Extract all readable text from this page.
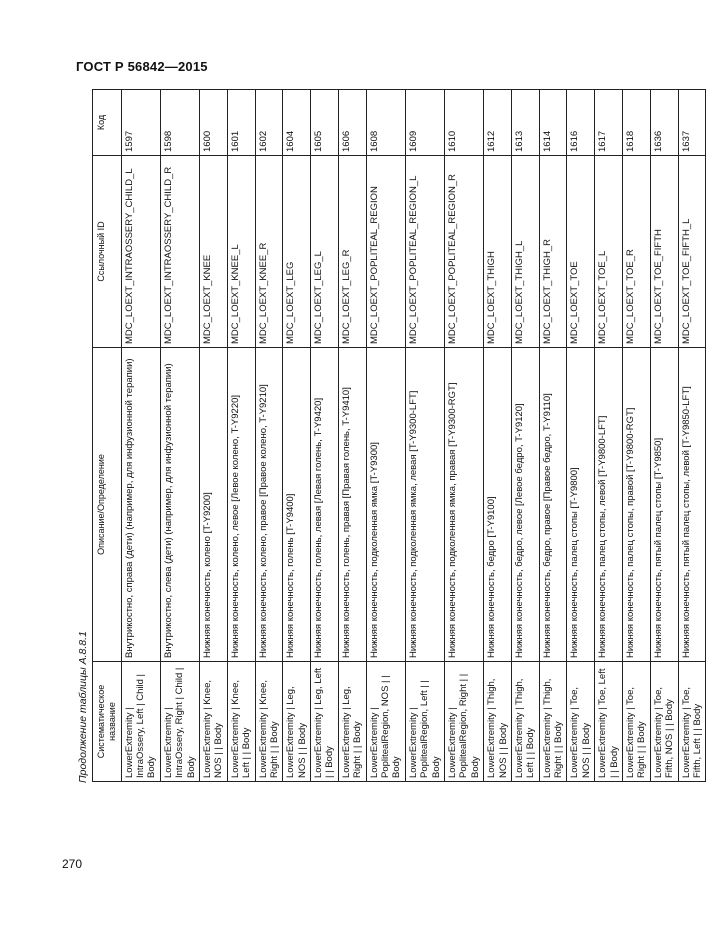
ГОСТ Р 56842—2015
Продолжение таблицы А.8.8.1 Систематическое название	Описание/Определение	Ссылочный ID	Код
LowerExtremity | IntraOssery, Left | Child | Body	Внутрикостно, справа (дети) (например, для инфузионной терапии)	MDC_LOEXT_INTRAOSSERY_CHILD_L	1597
LowerExtremity | IntraOssery, Right | Child | Body	Внутрикостно, слева (дети) (например, для инфузионной терапии)	MDC_LOEXT_INTRAOSSERY_CHILD_R	1598
LowerExtremity | Knee, NOS | | Body	Нижняя конечность, колено [T-Y9200]	MDC_LOEXT_KNEE	1600
LowerExtremity | Knee, Left | | Body	Нижняя конечность, колено, левое [Левое колено, T-Y9220]	MDC_LOEXT_KNEE_L	1601
LowerExtremity | Knee, Right | | Body	Нижняя конечность, колено, правое [Правое колено, T-Y9210]	MDC_LOEXT_KNEE_R	1602
LowerExtremity | Leg, NOS | | Body	Нижняя конечность, голень [T-Y9400]	MDC_LOEXT_LEG	1604
LowerExtremity | Leg, Left | | Body	Нижняя конечность, голень, левая [Левая голень, T-Y9420]	MDC_LOEXT_LEG_L	1605
LowerExtremity | Leg, Right | | Body	Нижняя конечность, голень, правая [Правая голень, T-Y9410]	MDC_LOEXT_LEG_R	1606
LowerExtremity | PoplitealRegion, NOS | | Body	Нижняя конечность, подколенная ямка [T-Y9300]	MDC_LOEXT_POPLITEAL_REGION	1608
LowerExtremity | PoplitealRegion, Left | | Body	Нижняя конечность, подколенная ямка, левая [T-Y9300-LFT]	MDC_LOEXT_POPLITEAL_REGION_L	1609
LowerExtremity | PoplitealRegion, Right | | Body	Нижняя конечность, подколенная ямка, правая [T-Y9300-RGT]	MDC_LOEXT_POPLITEAL_REGION_R	1610
LowerExtremity | Thigh, NOS | | Body	Нижняя конечность, бедро [T-Y9100]	MDC_LOEXT_THIGH	1612
LowerExtremity | Thigh, Left | | Body	Нижняя конечность, бедро, левое [Левое бедро, T-Y9120]	MDC_LOEXT_THIGH_L	1613
LowerExtremity | Thigh, Right | | Body	Нижняя конечность, бедро, правое [Правое бедро, T-Y9110]	MDC_LOEXT_THIGH_R	1614
LowerExtremity | Toe, NOS | | Body	Нижняя конечность, палец стопы [T-Y9800]	MDC_LOEXT_TOE	1616
LowerExtremity | Toe, Left | | Body	Нижняя конечность, палец стопы, левой [T-Y9800-LFT]	MDC_LOEXT_TOE_L	1617
LowerExtremity | Toe, Right | | Body	Нижняя конечность, палец стопы, правой [T-Y9800-RGT]	MDC_LOEXT_TOE_R	1618
LowerExtremity | Toe, Fifth, NOS | | Body	Нижняя конечность, пятый палец стопы [T-Y9850]	MDC_LOEXT_TOE_FIFTH	1636
LowerExtremity | Toe, Fifth, Left | | Body	Нижняя конечность, пятый палец стопы, левой [T-Y9850-LFT]	MDC_LOEXT_TOE_FIFTH_L	1637
270
